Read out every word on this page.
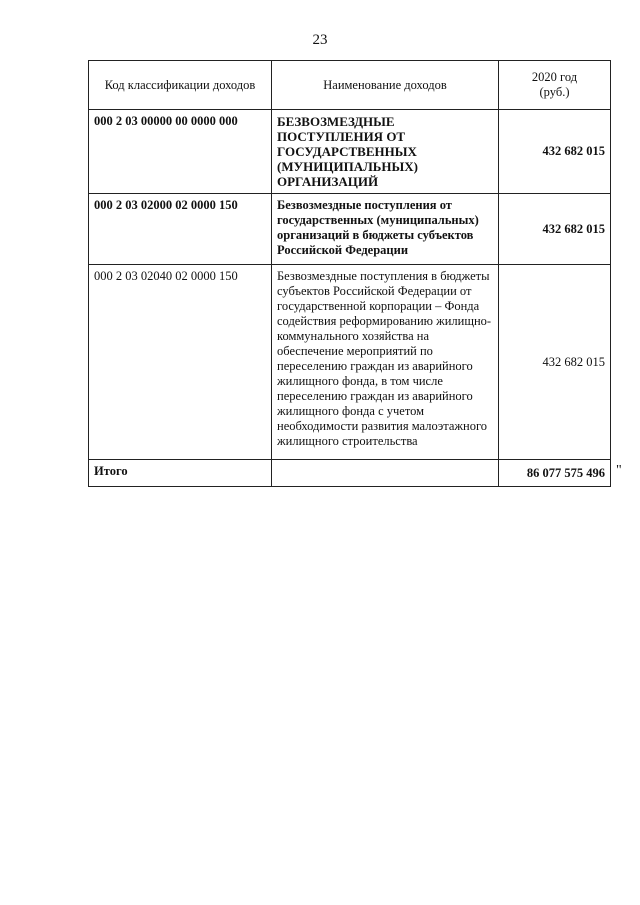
23
Код классификации доходов	Наименование доходов	2020 год
(руб.)
000 2 03 00000 00 0000 000	БЕЗВОЗМЕЗДНЫЕ ПОСТУПЛЕНИЯ ОТ ГОСУДАРСТВЕННЫХ (МУНИЦИПАЛЬНЫХ) ОРГАНИЗАЦИЙ	432 682 015
000 2 03 02000 02 0000 150	Безвозмездные поступления от государственных (муниципальных) организаций в бюджеты субъектов Российской Федерации	432 682 015
000 2 03 02040 02 0000 150	Безвозмездные поступления в бюджеты субъектов Российской Федерации от государственной корпорации – Фонда содействия реформированию жилищно-коммунального хозяйства на обеспечение мероприятий по переселению граждан из аварийного жилищного фонда, в том числе переселению граждан из аварийного жилищного фонда с учетом необходимости развития малоэтажного жилищного строительства	432 682 015
Итого		86 077 575 496 "
